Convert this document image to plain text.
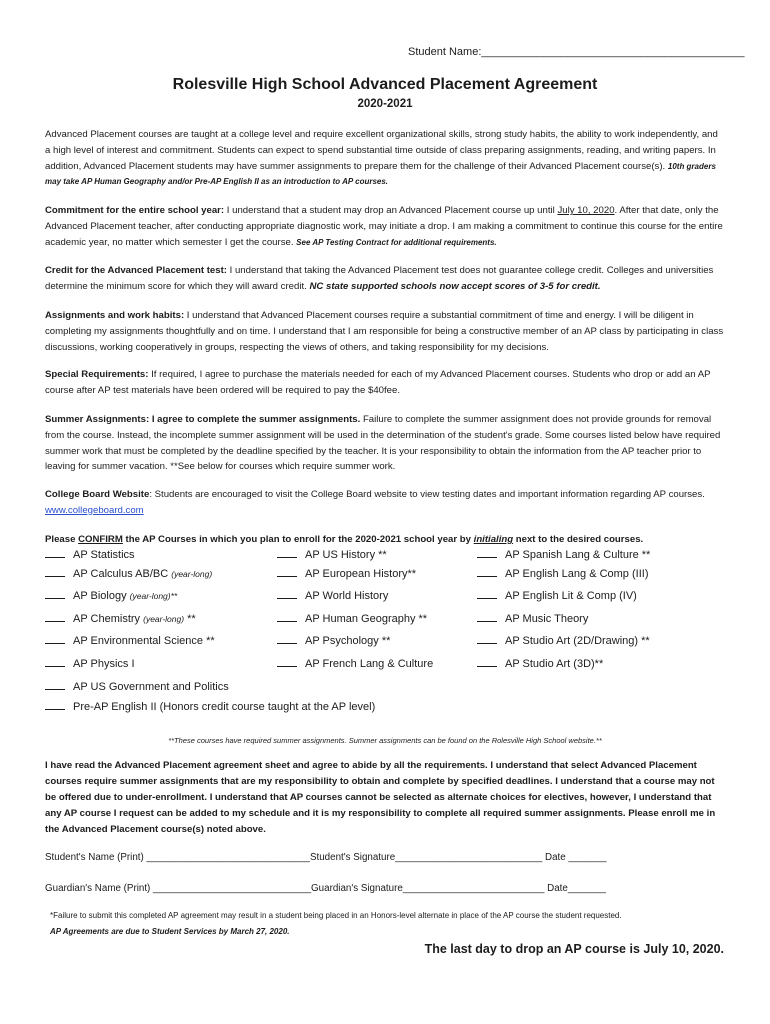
Student Name:___________________________________________
Rolesville High School Advanced Placement Agreement
2020-2021

Advanced Placement courses are taught at a college level and require excellent organizational skills, strong study habits, the ability to work independently, and a high level of interest and commitment. Students can expect to spend substantial time outside of class preparing assignments, reading, and writing papers. In addition, Advanced Placement students may have summer assignments to prepare them for the challenge of their Advanced Placement course(s). 10th graders may take AP Human Geography and/or Pre-AP English II as an introduction to AP courses.

Commitment for the entire school year: I understand that a student may drop an Advanced Placement course up until July 10, 2020. After that date, only the Advanced Placement teacher, after conducting appropriate diagnostic work, may initiate a drop. I am making a commitment to continue this course for the entire academic year, no matter which semester I get the course. See AP Testing Contract for additional requirements.

Credit for the Advanced Placement test: I understand that taking the Advanced Placement test does not guarantee college credit. Colleges and universities determine the minimum score for which they will award credit. NC state supported schools now accept scores of 3-5 for credit.

Assignments and work habits: I understand that Advanced Placement courses require a substantial commitment of time and energy. I will be diligent in completing my assignments thoughtfully and on time. I understand that I am responsible for being a constructive member of an AP class by participating in class discussions, working cooperatively in groups, respecting the views of others, and taking responsibility for my decisions.

Special Requirements: If required, I agree to purchase the materials needed for each of my Advanced Placement courses. Students who drop or add an AP course after AP test materials have been ordered will be required to pay the $40fee.

Summer Assignments: I agree to complete the summer assignments. Failure to complete the summer assignment does not provide grounds for removal from the course. Instead, the incomplete summer assignment will be used in the determination of the student's grade. Some courses listed below have required summer work that must be completed by the deadline specified by the teacher. It is your responsibility to obtain the information from the AP teacher prior to leaving for summer vacation. **See below for courses which require summer work.

College Board Website: Students are encouraged to visit the College Board website to view testing dates and important information regarding AP courses. www.collegeboard.com

Please CONFIRM the AP Courses in which you plan to enroll for the 2020-2021 school year by initialing next to the desired courses.
AP Statistics	AP US History **	AP Spanish Lang & Culture **
AP Calculus AB/BC (year-long)	AP European History**	AP English Lang & Comp (III)
AP Biology (year-long)**	AP World History	AP English Lit & Comp (IV)
AP Chemistry (year-long) **	AP Human Geography **	AP Music Theory
AP Environmental Science **	AP Psychology **	AP Studio Art (2D/Drawing) **
AP Physics I	AP French Lang & Culture	AP Studio Art (3D)**
AP US Government and Politics
Pre-AP English II (Honors credit course taught at the AP level)
**These courses have required summer assignments. Summer assignments can be found on the Rolesville High School website.**

I have read the Advanced Placement agreement sheet and agree to abide by all the requirements. I understand that select Advanced Placement courses require summer assignments that are my responsibility to obtain and complete by specified deadlines. I understand that a course may not be offered due to under-enrollment. I understand that AP courses cannot be selected as alternate choices for electives, however, I understand that any AP course I request can be added to my schedule and it is my responsibility to complete all required summer assignments. Please enroll me in the Advanced Placement course(s) noted above.

Student's Name (Print) ______________________________Student's Signature___________________________ Date _______
Guardian's Name (Print) _____________________________Guardian's Signature__________________________ Date_______
*Failure to submit this completed AP agreement may result in a student being placed in an Honors-level alternate in place of the AP course the student requested.
AP Agreements are due to Student Services by March 27, 2020.
The last day to drop an AP course is July 10, 2020.
